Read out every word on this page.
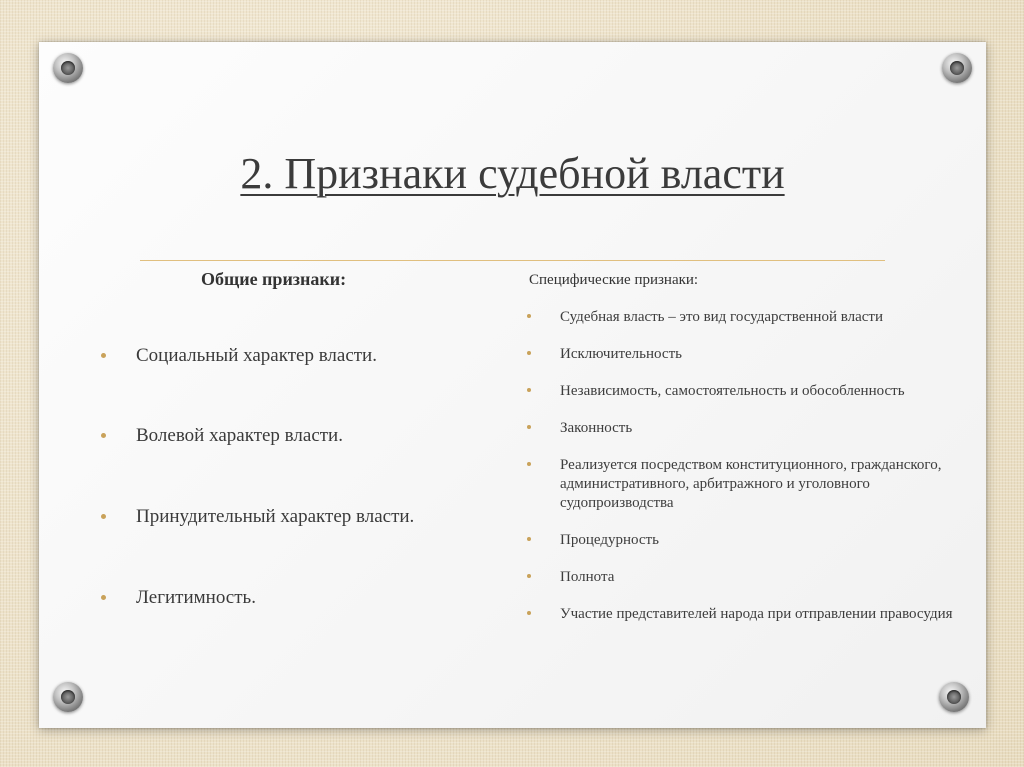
2. Признаки судебной власти
Общие признаки:
Социальный характер власти.
Волевой характер власти.
Принудительный характер власти.
Легитимность.
Специфические признаки:
Судебная власть – это вид государственной власти
Исключительность
Независимость, самостоятельность и обособленность
Законность
Реализуется посредством конституционного, гражданского, административного, арбитражного и уголовного судопроизводства
Процедурность
Полнота
Участие представителей народа при отправлении правосудия
